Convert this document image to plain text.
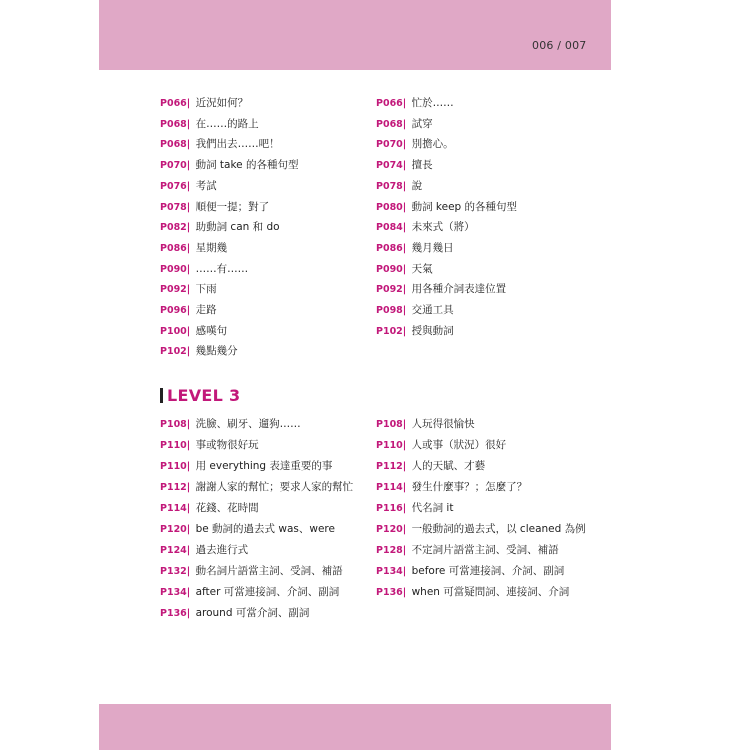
006 / 007
P066| 近況如何？
P068| 在……的路上
P068| 我們出去……吧！
P070| 動詞 take 的各種句型
P076| 考試
P078| 順便一提；對了
P082| 助動詞 can 和 do
P086| 星期幾
P090| ……有……
P092| 下雨
P096| 走路
P100| 感嘆句
P102| 幾點幾分
P066| 忙於……
P068| 試穿
P070| 別擔心。
P074| 擅長
P078| 說
P080| 動詞 keep 的各種句型
P084| 未來式（將）
P086| 幾月幾日
P090| 天氣
P092| 用各種介詞表達位置
P098| 交通工具
P102| 授與動詞
LEVEL 3
P108| 洗臉、刷牙、遛狗……
P110| 事或物很好玩
P110| 用 everything 表達重要的事
P112| 謝謝人家的幫忙；要求人家的幫忙
P114| 花錢、花時間
P120| be 動詞的過去式 was、were
P124| 過去進行式
P132| 動名詞片語當主詞、受詞、補語
P134| after 可當連接詞、介詞、副詞
P136| around 可當介詞、副詞
P108| 人玩得很愉快
P110| 人或事（狀況）很好
P112| 人的天賦、才藝
P114| 發生什麼事？；怎麼了？
P116| 代名詞 it
P120| 一般動詞的過去式，以 cleaned 為例
P128| 不定詞片語當主詞、受詞、補語
P134| before 可當連接詞、介詞、副詞
P136| when 可當疑問詞、連接詞、介詞
